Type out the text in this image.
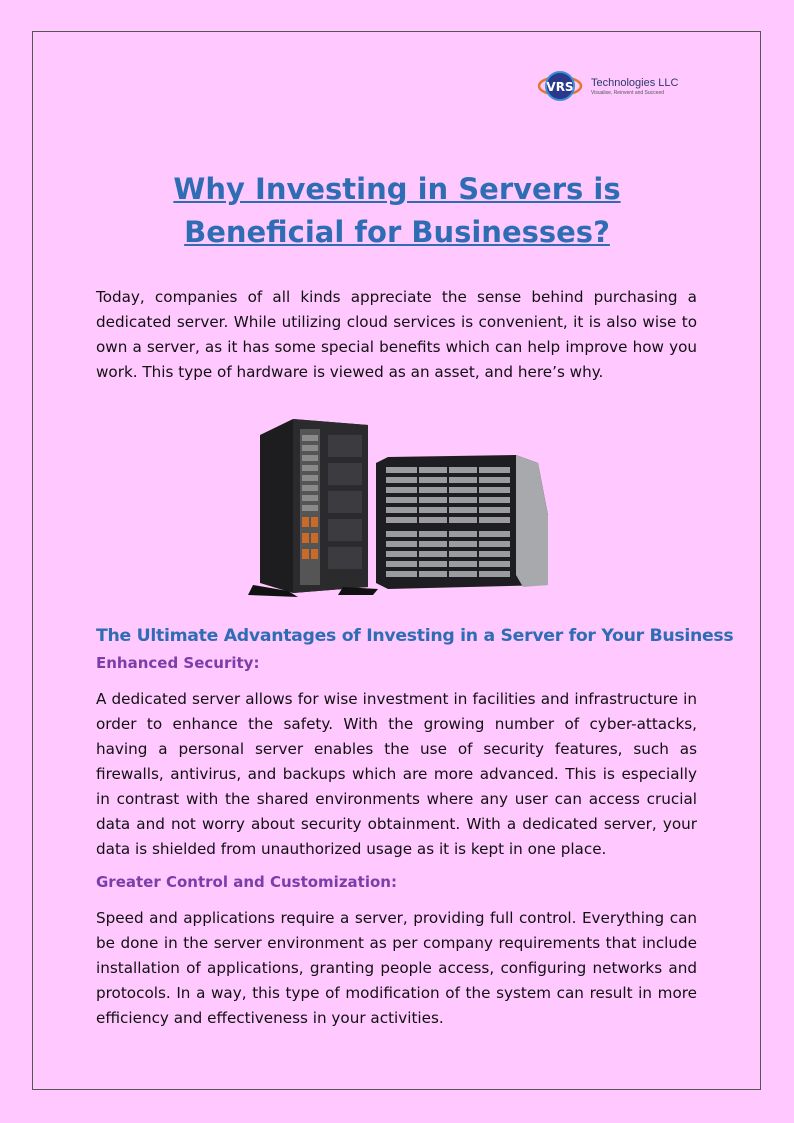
VRS Technologies LLC
Visualise, Reinvent and Succeed
Why Investing in Servers is Beneficial for Businesses?

Today, companies of all kinds appreciate the sense behind purchasing a dedicated server. While utilizing cloud services is convenient, it is also wise to own a server, as it has some special benefits which can help improve how you work. This type of hardware is viewed as an asset, and here’s why.

The Ultimate Advantages of Investing in a Server for Your Business
Enhanced Security:

A dedicated server allows for wise investment in facilities and infrastructure in order to enhance the safety. With the growing number of cyber-attacks, having a personal server enables the use of security features, such as firewalls, antivirus, and backups which are more advanced. This is especially in contrast with the shared environments where any user can access crucial data and not worry about security obtainment. With a dedicated server, your data is shielded from unauthorized usage as it is kept in one place.

Greater Control and Customization:

Speed and applications require a server, providing full control. Everything can be done in the server environment as per company requirements that include installation of applications, granting people access, configuring networks and protocols. In a way, this type of modification of the system can result in more efficiency and effectiveness in your activities.
